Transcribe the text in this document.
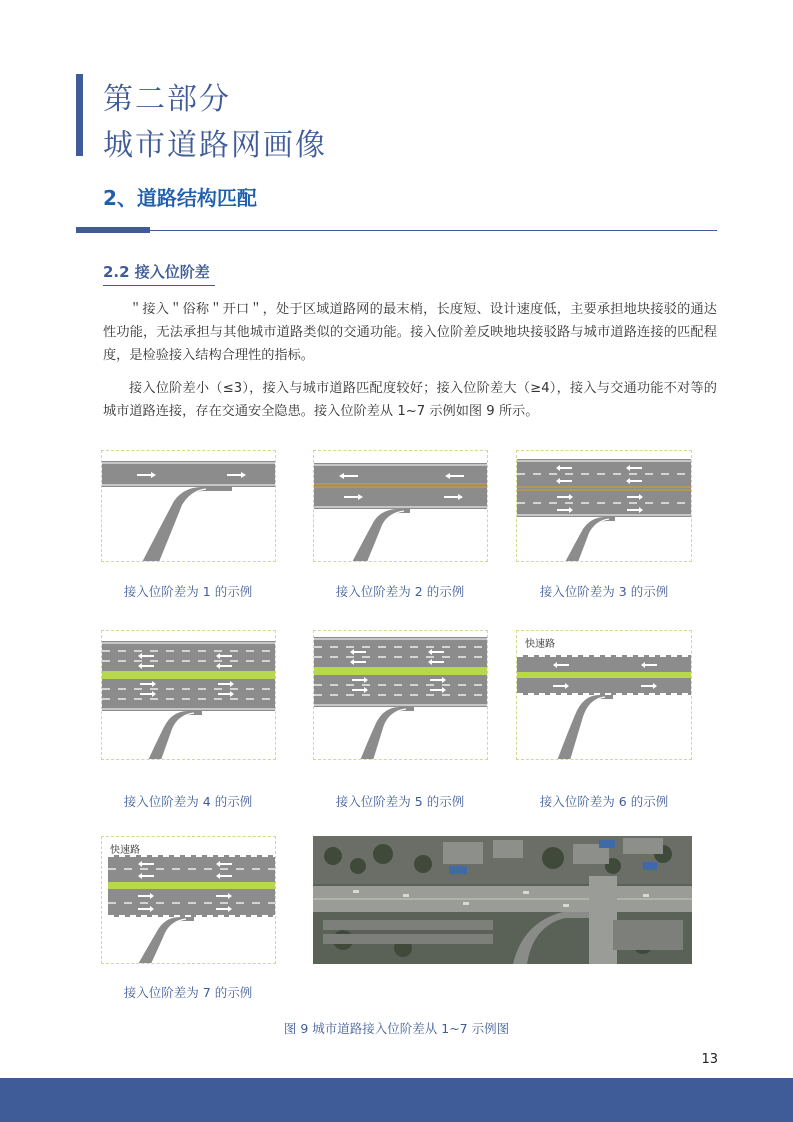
第二部分
城市道路网画像
2、道路结构匹配
2.2 接入位阶差
＂接入＂俗称＂开口＂，处于区域道路网的最末梢，长度短、设计速度低，主要承担地块接驳的通达性功能，无法承担与其他城市道路类似的交通功能。接入位阶差反映地块接驳路与城市道路连接的匹配程度，是检验接入结构合理性的指标。
接入位阶差小（≤3），接入与城市道路匹配度较好；接入位阶差大（≥4），接入与交通功能不对等的城市道路连接，存在交通安全隐患。接入位阶差从 1~7 示例如图 9 所示。
接入位阶差为 1 的示例	接入位阶差为 2 的示例	接入位阶差为 3 的示例
接入位阶差为 4 的示例	接入位阶差为 5 的示例
快速路
接入位阶差为 6 的示例
快速路
接入位阶差为 7 的示例
图 9 城市道路接入位阶差从 1~7 示例图
13
